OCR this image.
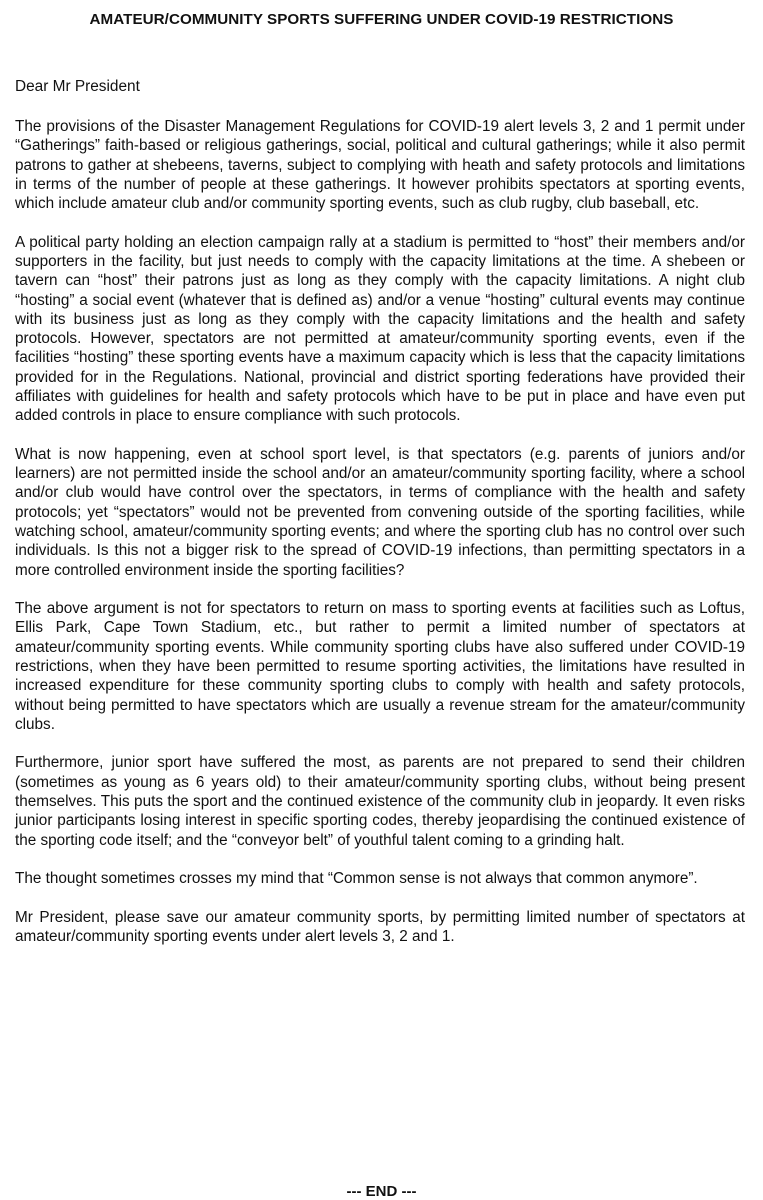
AMATEUR/COMMUNITY SPORTS SUFFERING UNDER COVID-19 RESTRICTIONS

Dear Mr President

The provisions of the Disaster Management Regulations for COVID-19 alert levels 3, 2 and 1 permit under “Gatherings” faith-based or religious gatherings, social, political and cultural gatherings; while it also permit patrons to gather at shebeens, taverns, subject to complying with heath and safety protocols and limitations in terms of the number of people at these gatherings. It however prohibits spectators at sporting events, which include amateur club and/or community sporting events, such as club rugby, club baseball, etc.

A political party holding an election campaign rally at a stadium is permitted to “host” their members and/or supporters in the facility, but just needs to comply with the capacity limitations at the time. A shebeen or tavern can “host” their patrons just as long as they comply with the capacity limitations. A night club “hosting” a social event (whatever that is defined as) and/or a venue “hosting” cultural events may continue with its business just as long as they comply with the capacity limitations and the health and safety protocols. However, spectators are not permitted at amateur/community sporting events, even if the facilities “hosting” these sporting events have a maximum capacity which is less that the capacity limitations provided for in the Regulations. National, provincial and district sporting federations have provided their affiliates with guidelines for health and safety protocols which have to be put in place and have even put added controls in place to ensure compliance with such protocols.

What is now happening, even at school sport level, is that spectators (e.g. parents of juniors and/or learners) are not permitted inside the school and/or an amateur/community sporting facility, where a school and/or club would have control over the spectators, in terms of compliance with the health and safety protocols; yet “spectators” would not be prevented from convening outside of the sporting facilities, while watching school, amateur/community sporting events; and where the sporting club has no control over such individuals. Is this not a bigger risk to the spread of COVID-19 infections, than permitting spectators in a more controlled environment inside the sporting facilities?

The above argument is not for spectators to return on mass to sporting events at facilities such as Loftus, Ellis Park, Cape Town Stadium, etc., but rather to permit a limited number of spectators at amateur/community sporting events. While community sporting clubs have also suffered under COVID-19 restrictions, when they have been permitted to resume sporting activities, the limitations have resulted in increased expenditure for these community sporting clubs to comply with health and safety protocols, without being permitted to have spectators which are usually a revenue stream for the amateur/community clubs.

Furthermore, junior sport have suffered the most, as parents are not prepared to send their children (sometimes as young as 6 years old) to their amateur/community sporting clubs, without being present themselves. This puts the sport and the continued existence of the community club in jeopardy. It even risks junior participants losing interest in specific sporting codes, thereby jeopardising the continued existence of the sporting code itself; and the “conveyor belt” of youthful talent coming to a grinding halt.

The thought sometimes crosses my mind that “Common sense is not always that common anymore”.

Mr President, please save our amateur community sports, by permitting limited number of spectators at amateur/community sporting events under alert levels 3, 2 and 1.

--- END ---
